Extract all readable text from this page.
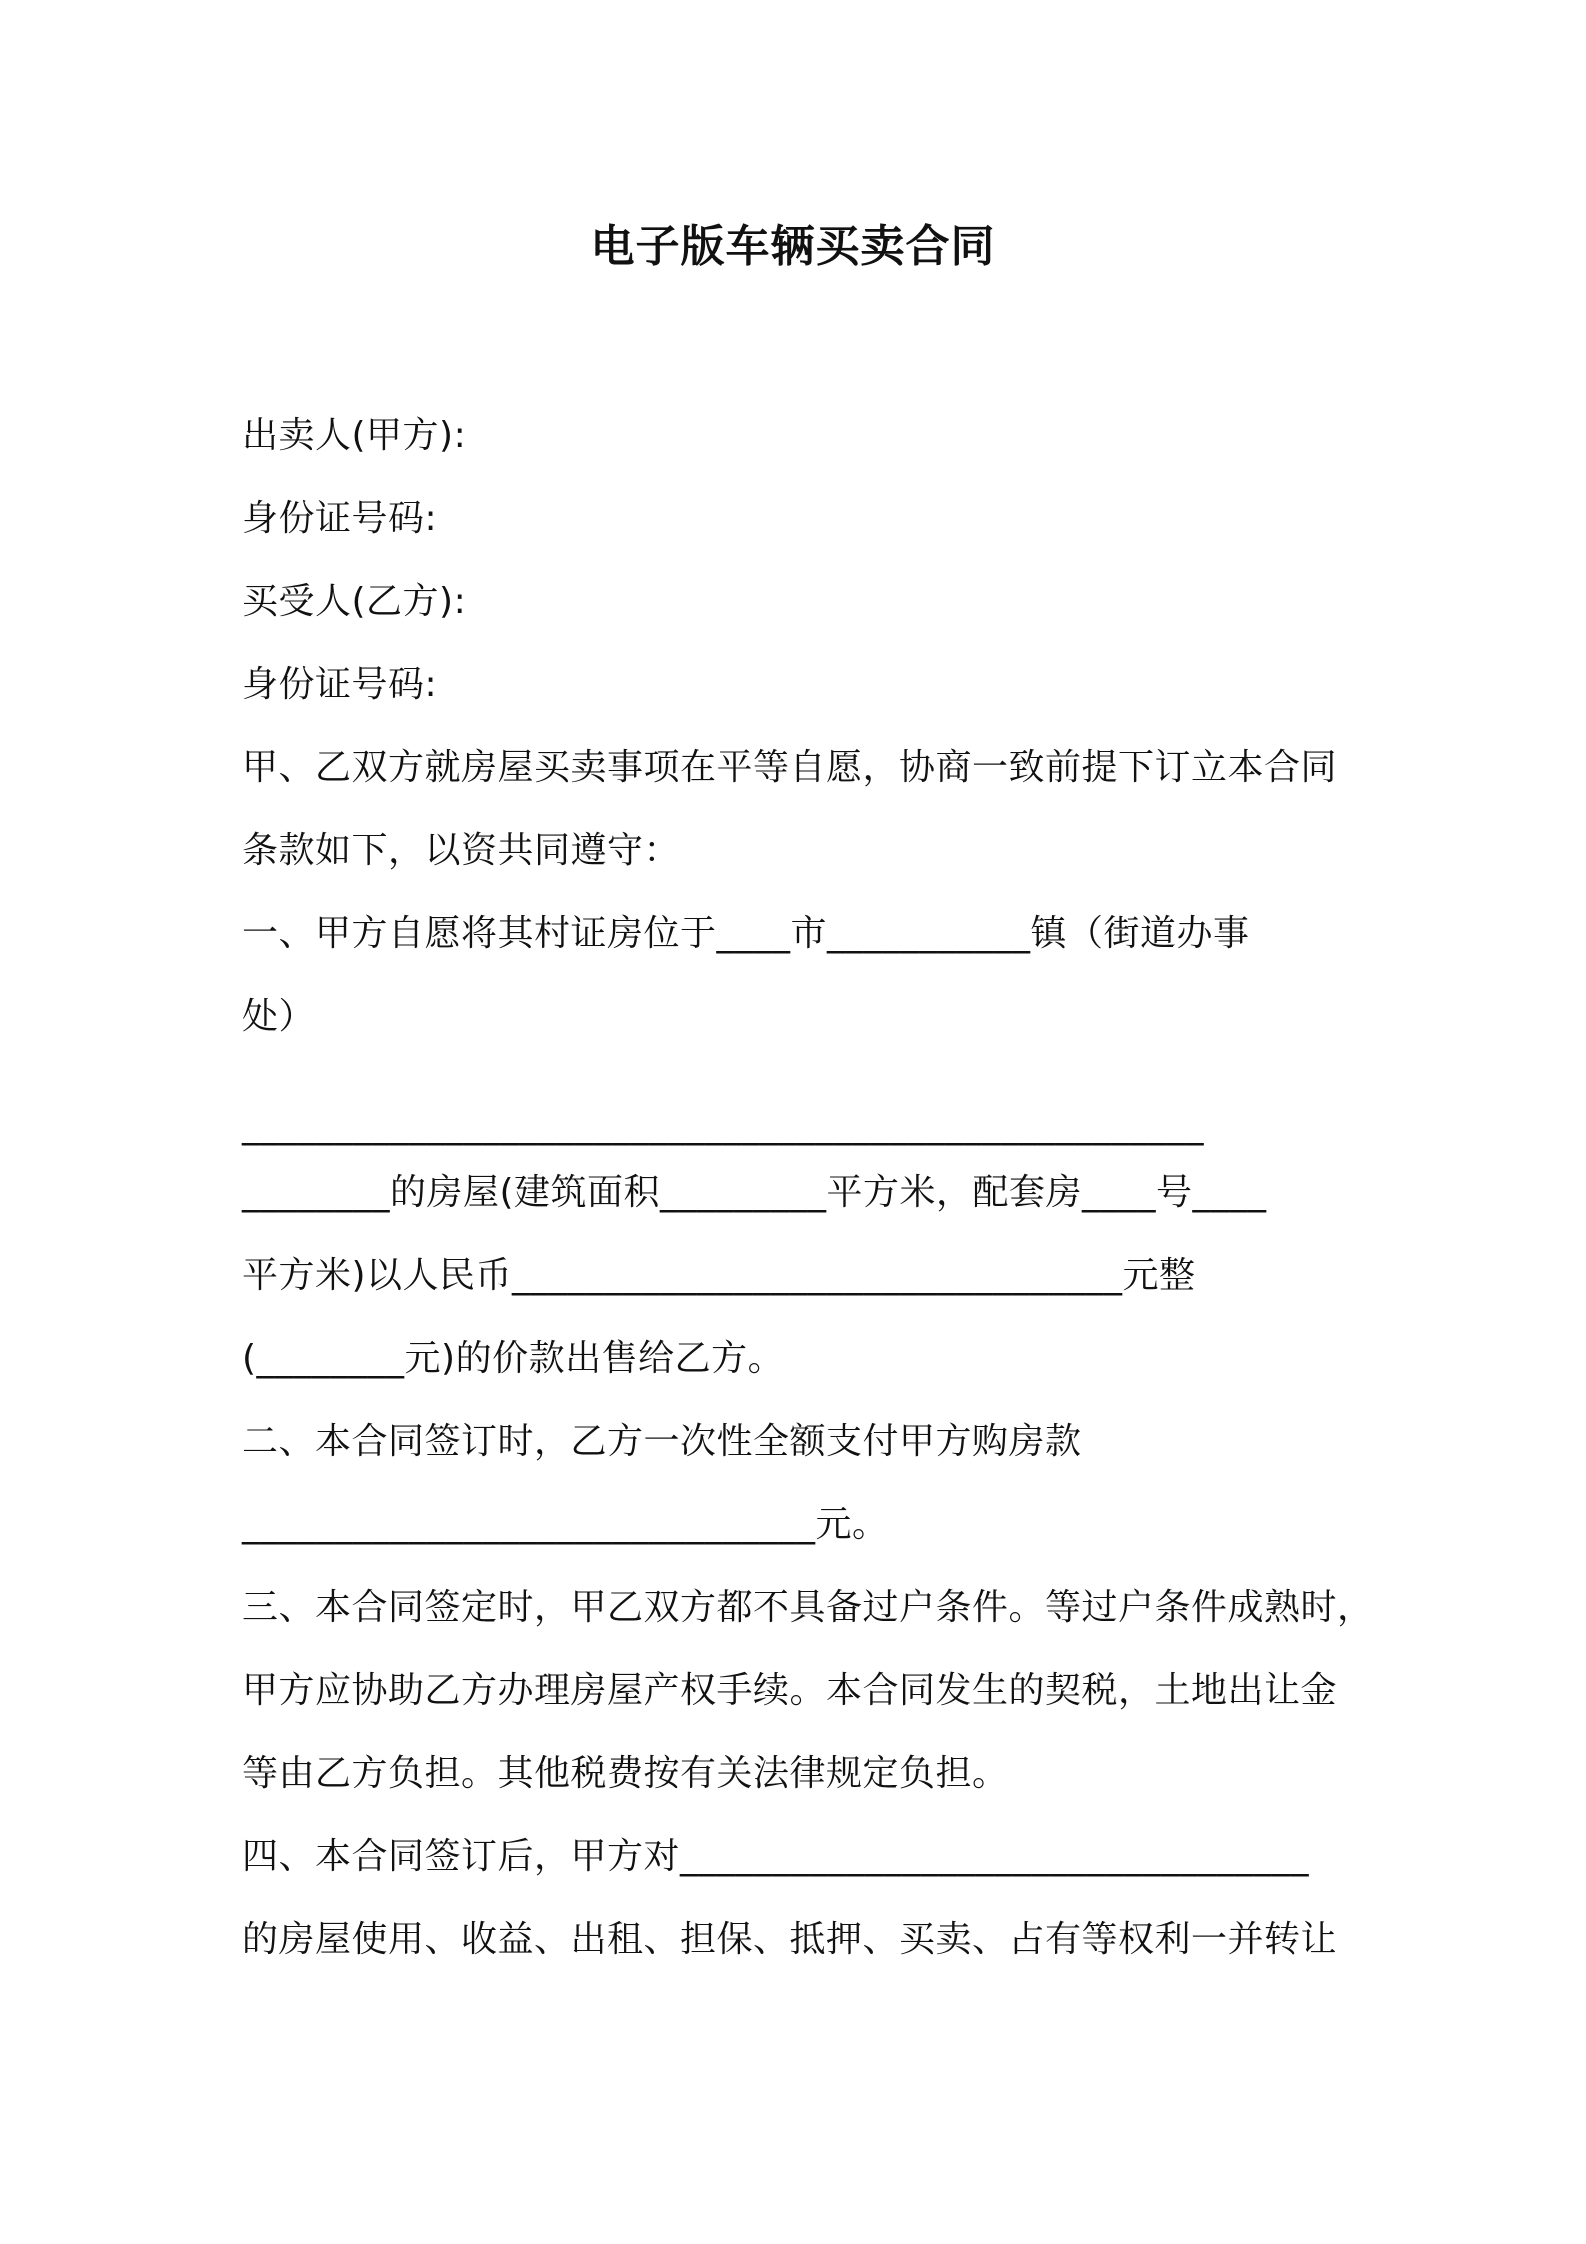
电子版车辆买卖合同
出卖人(甲方):
身份证号码:
买受人(乙方):
身份证号码:
甲、乙双方就房屋买卖事项在平等自愿，协商一致前提下订立本合同
条款如下，以资共同遵守：
一、甲方自愿将其村证房位于____市___________镇（街道办事
处）
____________________________________________________
________的房屋(建筑面积_________平方米，配套房____号____
平方米)以人民币_________________________________元整
(________元)的价款出售给乙方。
二、本合同签订时，乙方一次性全额支付甲方购房款
_______________________________元。
三、本合同签定时，甲乙双方都不具备过户条件。等过户条件成熟时，
甲方应协助乙方办理房屋产权手续。本合同发生的契税，土地出让金
等由乙方负担。其他税费按有关法律规定负担。
四、本合同签订后，甲方对__________________________________
的房屋使用、收益、出租、担保、抵押、买卖、占有等权利一并转让
